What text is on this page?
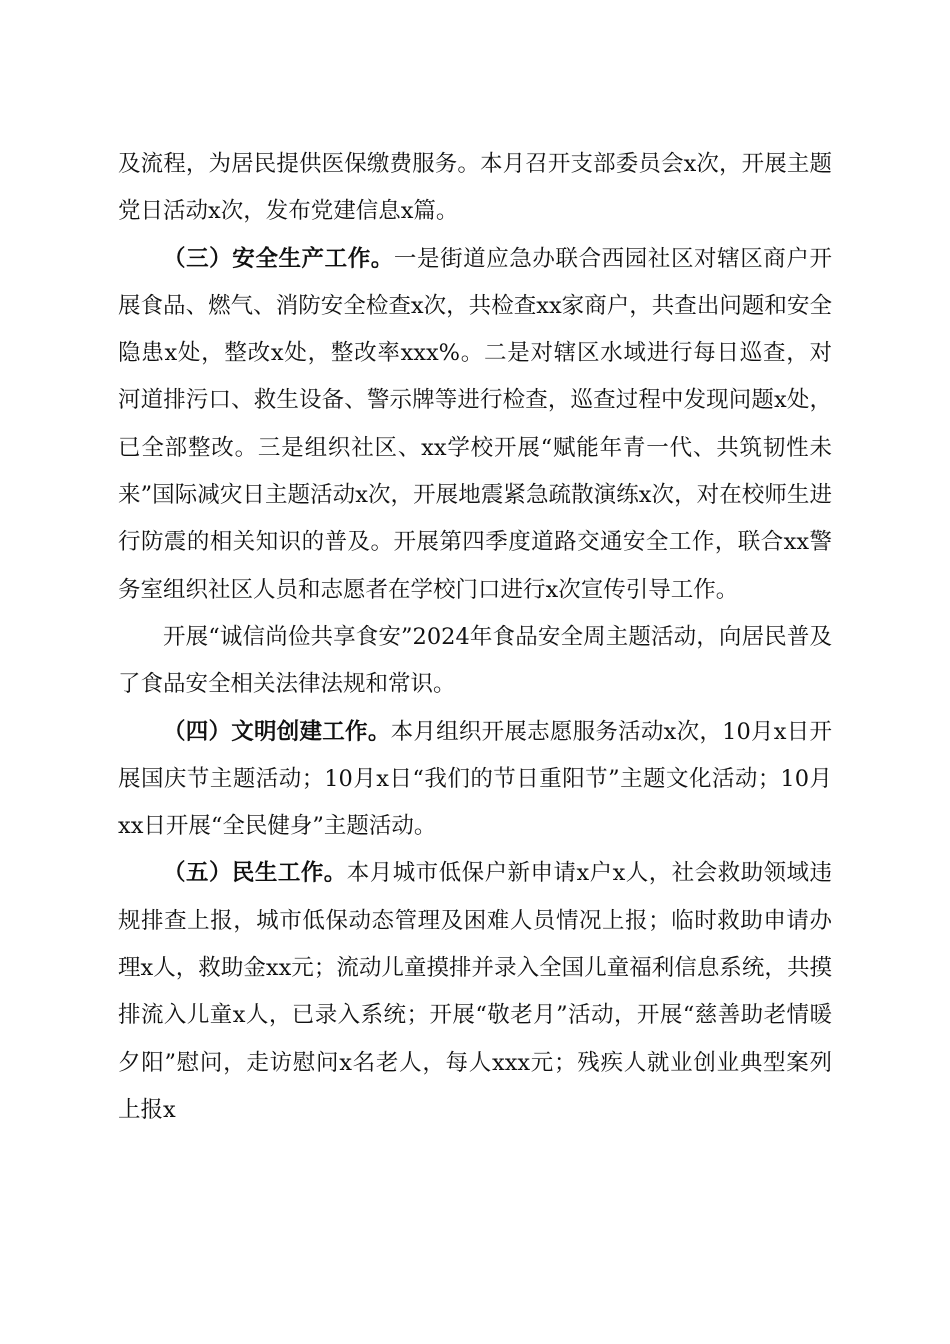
及流程，为居民提供医保缴费服务。本月召开支部委员会x次，开展主题党日活动x次，发布党建信息x篇。

（三）安全生产工作。一是街道应急办联合西园社区对辖区商户开展食品、燃气、消防安全检查x次，共检查xx家商户，共查出问题和安全隐患x处，整改x处，整改率xxx%。二是对辖区水域进行每日巡查，对河道排污口、救生设备、警示牌等进行检查，巡查过程中发现问题x处，已全部整改。三是组织社区、xx学校开展“赋能年青一代、共筑韧性未来”国际减灾日主题活动x次，开展地震紧急疏散演练x次，对在校师生进行防震的相关知识的普及。开展第四季度道路交通安全工作，联合xx警务室组织社区人员和志愿者在学校门口进行x次宣传引导工作。

开展“诚信尚俭共享食安”2024年食品安全周主题活动，向居民普及了食品安全相关法律法规和常识。

（四）文明创建工作。本月组织开展志愿服务活动x次，10月x日开展国庆节主题活动；10月x日“我们的节日重阳节”主题文化活动；10月xx日开展“全民健身”主题活动。

（五）民生工作。本月城市低保户新申请x户x人，社会救助领域违规排查上报，城市低保动态管理及困难人员情况上报；临时救助申请办理x人，救助金xx元；流动儿童摸排并录入全国儿童福利信息系统，共摸排流入儿童x人，已录入系统；开展“敬老月”活动，开展“慈善助老情暖夕阳”慰问，走访慰问x名老人，每人xxx元；残疾人就业创业典型案列上报x
